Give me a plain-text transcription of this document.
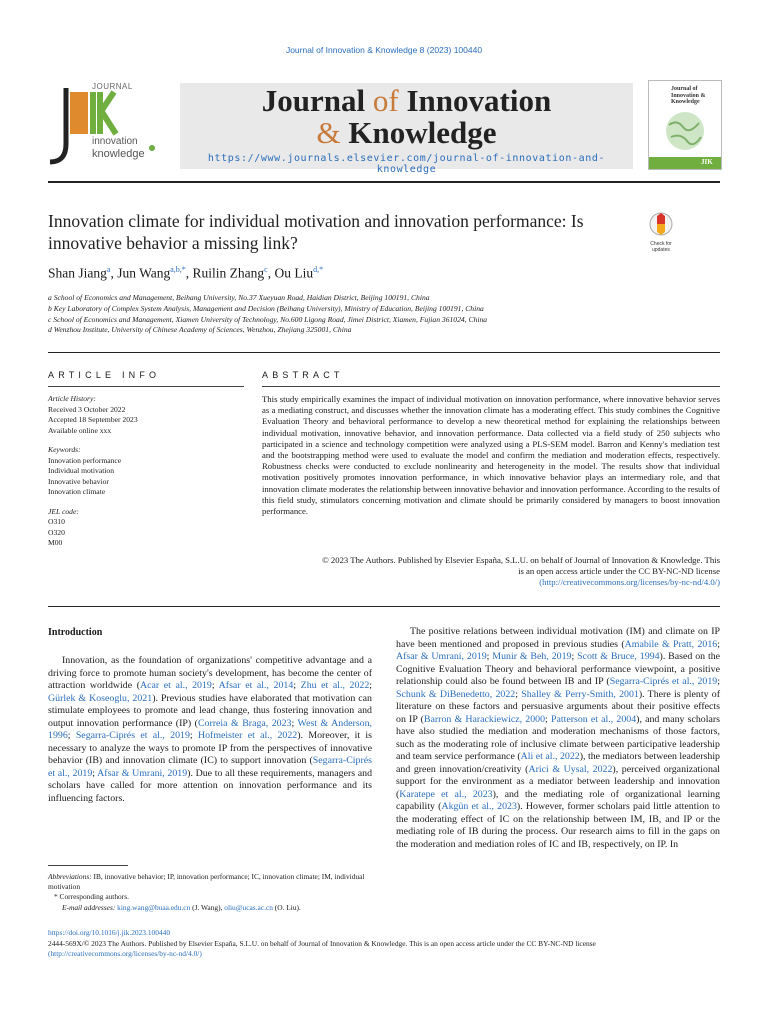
Journal of Innovation & Knowledge 8 (2023) 100440
JOURNAL
innovation
knowledge
Journal of Innovation
& Knowledge
https://www.journals.elsevier.com/journal-of-innovation-and-knowledge
Journal of Innovation & Knowledge
JIK
Innovation climate for individual motivation and innovation performance: Is innovative behavior a missing link?	Check for updates
Shan Jiang$^a$, Jun Wang$^{a,b,*}$, Ruilin Zhang$^c$, Ou Liu$^{d,*}$
a School of Economics and Management, Beihang University, No.37 Xueyuan Road, Haidian District, Beijing 100191, China
b Key Laboratory of Complex System Analysis, Management and Decision (Beihang University), Ministry of Education, Beijing 100191, China
c School of Economics and Management, Xiamen University of Technology, No.600 Ligong Road, Jimei District, Xiamen, Fujian 361024, China
d Wenzhou Institute, University of Chinese Academy of Sciences, Wenzhou, Zhejiang 325001, China
ARTICLE INFO	ABSTRACT
Article History:
Received 3 October 2022
Accepted 18 September 2023
Available online xxx
Keywords:
Innovation performance
Individual motivation
Innovative behavior
Innovation climate
JEL code:
O310
O320
M00
This study empirically examines the impact of individual motivation on innovation performance, where innovative behavior serves as a mediating construct, and discusses whether the innovation climate has a moderating effect. This study combines the Cognitive Evaluation Theory and behavioral performance to develop a new theoretical method for explaining the relationships between individual motivation, innovative behavior, and innovation performance. Data collected via a field study of 250 subjects who participated in a science and technology competition were analyzed using a PLS-SEM model. Barron and Kenny's mediation test and the bootstrapping method were used to evaluate the model and confirm the mediation and moderation effects, respectively. Robustness checks were conducted to exclude nonlinearity and heterogeneity in the model. The results show that individual motivation positively promotes innovation performance, in which innovative behavior plays an intermediary role, and that innovation climate moderates the relationship between innovative behavior and innovation performance. According to the results of this field study, stimulators concerning motivation and climate should be primarily considered by managers to boost innovation performance.
© 2023 The Authors. Published by Elsevier España, S.L.U. on behalf of Journal of Innovation & Knowledge. This
is an open access article under the CC BY-NC-ND license
(http://creativecommons.org/licenses/by-nc-nd/4.0/)
Introduction
Innovation, as the foundation of organizations' competitive advantage and a driving force to promote human society's development, has become the center of attraction worldwide (Acar et al., 2019; Afsar et al., 2014; Zhu et al., 2022; Gürlek & Koseoglu, 2021). Previous studies have elaborated that motivation can stimulate employees to promote and lead change, thus fostering innovation and output innovation performance (IP) (Correia & Braga, 2023; West & Anderson, 1996; Segarra-Ciprés et al., 2019; Hofmeister et al., 2022). Moreover, it is necessary to analyze the ways to promote IP from the perspectives of innovative behavior (IB) and innovation climate (IC) to support innovation (Segarra-Ciprés et al., 2019; Afsar & Umrani, 2019). Due to all these requirements, managers and scholars have called for more attention on innovation performance and its influencing factors.
The positive relations between individual motivation (IM) and climate on IP have been mentioned and proposed in previous studies (Amabile & Pratt, 2016; Afsar & Umrani, 2019; Munir & Beh, 2019; Scott & Bruce, 1994). Based on the Cognitive Evaluation Theory and behavioral performance viewpoint, a positive relationship could also be found between IB and IP (Segarra-Ciprés et al., 2019; Schunk & DiBenedetto, 2022; Shalley & Perry-Smith, 2001). There is plenty of literature on these factors and persuasive arguments about their positive effects on IP (Barron & Harackiewicz, 2000; Patterson et al., 2004), and many scholars have also studied the mediation and moderation mechanisms of those factors, such as the moderating role of inclusive climate between participative leadership and team service performance (Ali et al., 2022), the mediators between leadership and green innovation/creativity (Arici & Uysal, 2022), perceived organizational support for the environment as a mediator between leadership and innovation (Karatepe et al., 2023), and the mediating role of organizational learning capability (Akgün et al., 2023). However, former scholars paid little attention to the moderating effect of IC on the relationship between IM, IB, and IP or the mediating role of IB during the process. Our research aims to fill in the gaps on the moderation and mediation roles of IC and IB, respectively, on IP. In
Abbreviations: IB, innovative behavior; IP, innovation performance; IC, innovation climate; IM, individual motivation
* Corresponding authors.
E-mail addresses: king.wang@buaa.edu.cn (J. Wang), oliu@ucas.ac.cn (O. Liu).
https://doi.org/10.1016/j.jik.2023.100440
2444-569X/© 2023 The Authors. Published by Elsevier España, S.L.U. on behalf of Journal of Innovation & Knowledge. This is an open access article under the CC BY-NC-ND license
(http://creativecommons.org/licenses/by-nc-nd/4.0/)
